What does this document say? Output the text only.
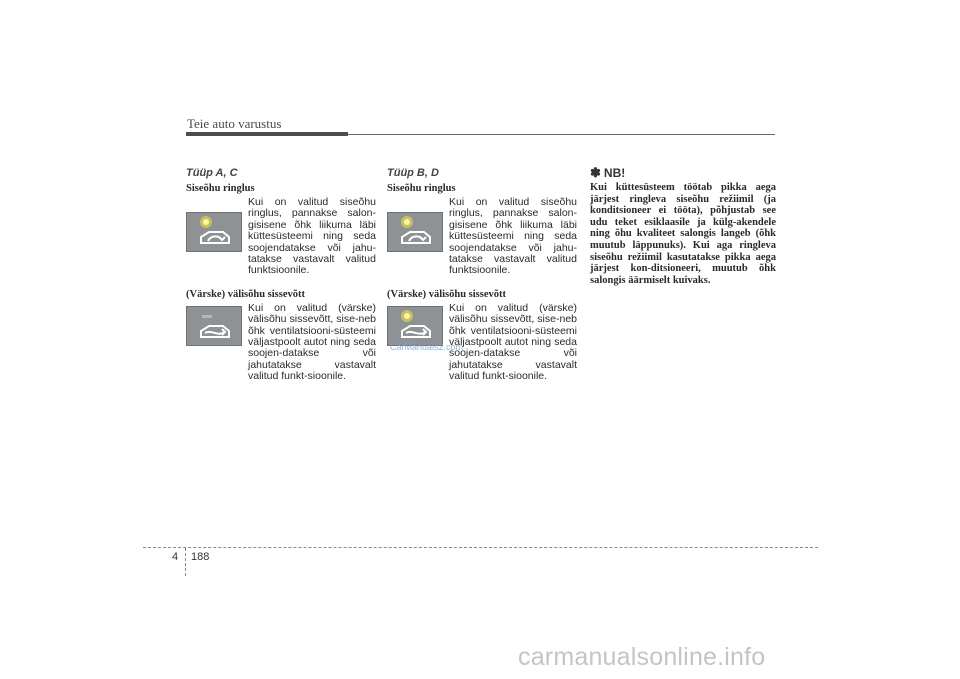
Teie auto varustus
Tüüp A, C
Siseõhu ringlus
Kui on valitud siseõhu ringlus, pannakse salon-gisisene õhk liikuma läbi küttesüsteemi ning seda soojendatakse või jahu-tatakse vastavalt valitud funktsioonile.
(Värske) välisõhu sissevõtt
Kui on valitud (värske) välisõhu sissevõtt, sise-neb õhk ventilatsiooni-süsteemi väljastpoolt autot ning seda soojen-datakse või jahutatakse vastavalt valitud funkt-sioonile.
Tüüp B, D
Siseõhu ringlus
Kui on valitud siseõhu ringlus, pannakse salon-gisisene õhk liikuma läbi küttesüsteemi ning seda soojendatakse või jahu-tatakse vastavalt valitud funktsioonile.
(Värske) välisõhu sissevõtt
Kui on valitud (värske) välisõhu sissevõtt, sise-neb õhk ventilatsiooni-süsteemi väljastpoolt autot ning seda soojen-datakse või jahutatakse vastavalt valitud funkt-sioonile.
✽ NB!
Kui küttesüsteem töötab pikka aega järjest ringleva siseõhu režiimil (ja konditsioneer ei tööta), põhjustab see udu teket esiklaasile ja külg-akendele ning õhu kvaliteet salongis langeb (õhk muutub läppunuks). Kui aga ringleva siseõhu režiimil kasutatakse pikka aega järjest kon-ditsioneeri, muutub õhk salongis äärmiselt kuivaks.
4 188
CarManuals2.com
carmanualsonline.info
